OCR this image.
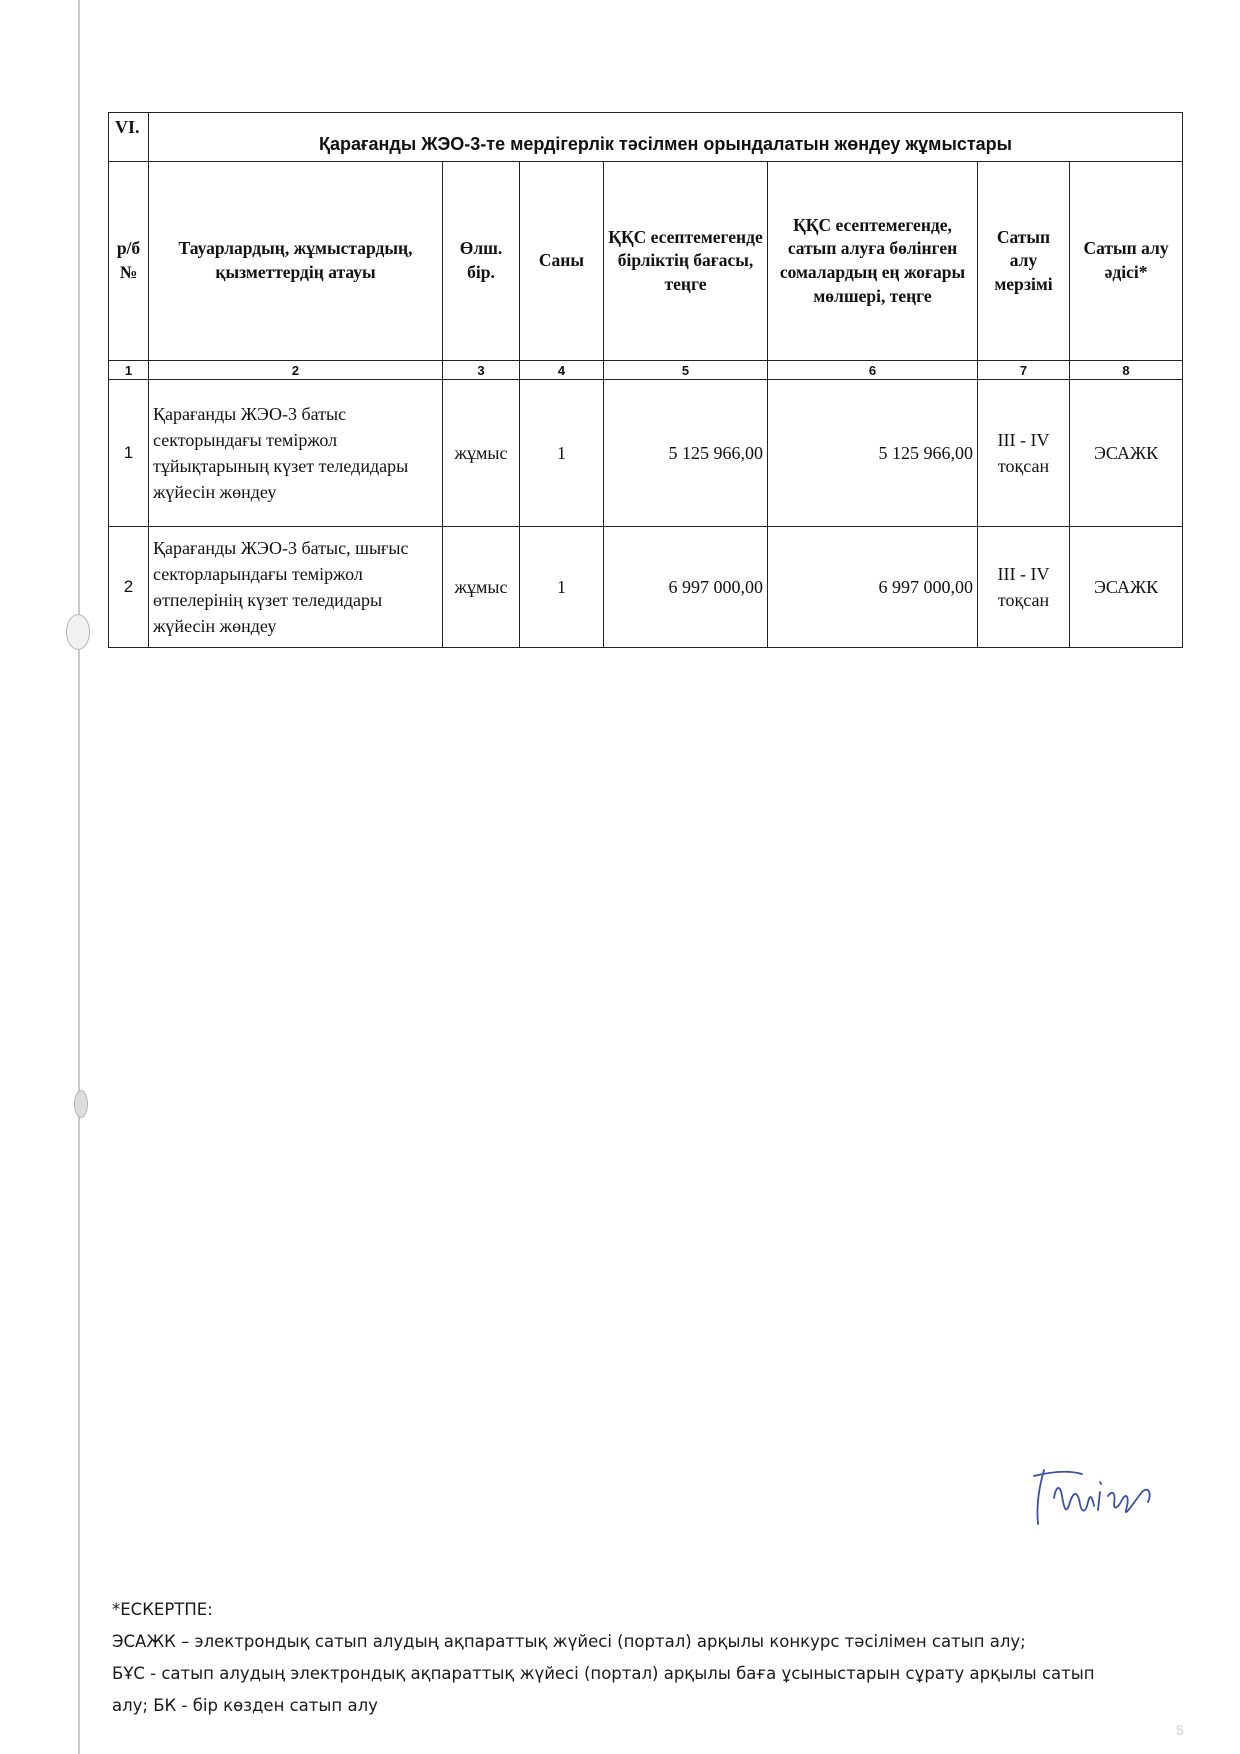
VI.	Қарағанды ЖЭО-3-те мердігерлік тәсілмен орындалатын жөндеу жұмыстары						
р/б №	Тауарлардың, жұмыстардың, қызметтердің атауы	Өлш. бір.	Саны	ҚҚС есептемегенде бірліктің бағасы, теңге	ҚҚС есептемегенде, сатып алуға бөлінген сомалардың ең жоғары мөлшері, теңге	Сатып алу мерзімі	Сатып алу әдісі*
1	2	3	4	5	6	7	8
1	Қарағанды ЖЭО-3 батыс секторындағы теміржол тұйықтарының күзет теледидары жүйесін жөндеу	жұмыс	1	5 125 966,00	5 125 966,00	III - IV тоқсан	ЭСАЖК
2	Қарағанды ЖЭО-3 батыс, шығыс секторларындағы теміржол өтпелерінің күзет теледидары жүйесін жөндеу	жұмыс	1	6 997 000,00	6 997 000,00	III - IV тоқсан	ЭСАЖК
*ЕСКЕРТПЕ:
ЭСАЖК – электрондық сатып алудың ақпараттық жүйесі (портал) арқылы конкурс тәсілімен сатып алу;
БҰС - сатып алудың электрондық ақпараттық жүйесі (портал) арқылы баға ұсыныстарын сұрату арқылы сатып
алу; БК - бір көзден сатып алу
5
